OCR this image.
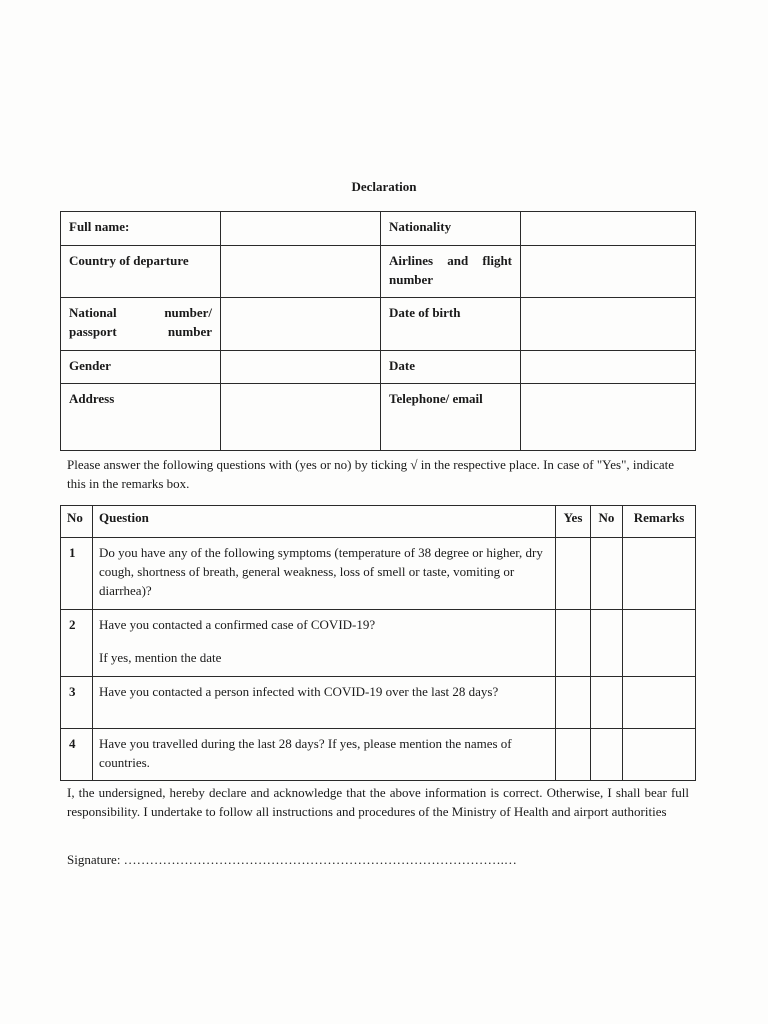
Declaration
Full name:		Nationality	
Country of departure		Airlines and flight number	

National number/ passport number		Date of birth	
Gender		Date	
Address		Telephone/ email	
Please answer the following questions with (yes or no) by ticking √ in the respective place. In case of "Yes", indicate this in the remarks box.
No	Question	Yes	No	Remarks
1	Do you have any of the following symptoms (temperature of 38 degree or higher, dry cough, shortness of breath, general weakness, loss of smell or taste, vomiting or diarrhea)?			
2	Have you contacted a confirmed case of COVID-19?
If yes, mention the date			

3	Have you contacted a person infected with COVID-19 over the last 28 days?			
4	Have you travelled during the last 28 days? If yes, please mention the names of countries.			
I, the undersigned, hereby declare and acknowledge that the above information is correct. Otherwise, I shall bear full responsibility. I undertake to follow all instructions and procedures of the Ministry of Health and airport authorities
Signature: …………………………………………………………………………….…
